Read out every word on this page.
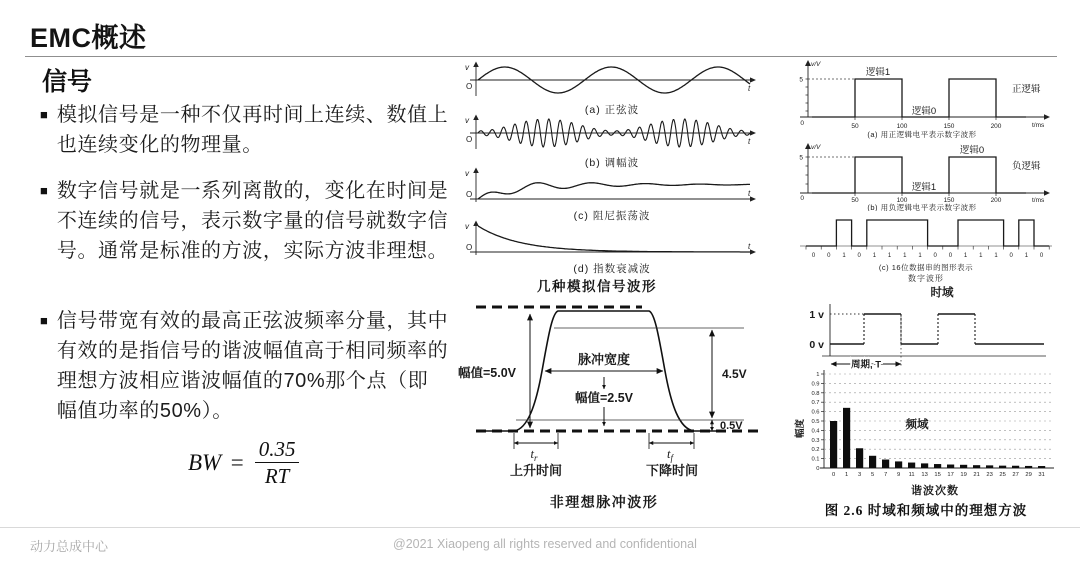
EMC概述
信号
■ 模拟信号是一种不仅再时间上连续、数值上也连续变化的物理量。
■ 数字信号就是一系列离散的，变化在时间是不连续的信号，表示数字量的信号就数字信号。通常是标准的方波，实际方波非理想。
■ 信号带宽有效的最高正弦波频率分量，其中有效的是指信号的谐波幅值高于相同频率的理想方波相应谐波幅值的70%那个点（即幅值功率的50%）。
BW = $\frac{0.35}{RT}$
v
O	t
(a) 正弦波
v
O	t
(b) 调幅波
v
O	t
(c) 阻尼振荡波
v
O	t
(d) 指数衰减波
几种模拟信号波形
幅值=5.0V
脉冲宽度
幅值=2.5V
4.5V
0.5V
$t_r$
上升时间
$t_f$
下降时间
非理想脉冲波形
v/V
5
0	t/ms
50	100	150	200
逻辑1
逻辑0
正逻辑
(a) 用正逻辑电平表示数字波形
v/V
5
0	t/ms
50	100	150	200
逻辑0
逻辑1
负逻辑
(b) 用负逻辑电平表示数字波形
0 0 1 0 1 1 1 1 0 0 1 1 1 0 1 0
(c) 16位数据串的图形表示
数字波形
时域
1 v
0 v
周期, T
幅度
0
0.1
0.2
0.3
0.4
0.5
0.6
0.7
0.8
0.9
1
0 1 3 5 7 9 11 13 15 17 19 21 23 25 27 29 31
频域
谐波次数
图 2.6 时域和频域中的理想方波
动力总成中心	@2021 Xiaopeng all rights reserved and confidentional
